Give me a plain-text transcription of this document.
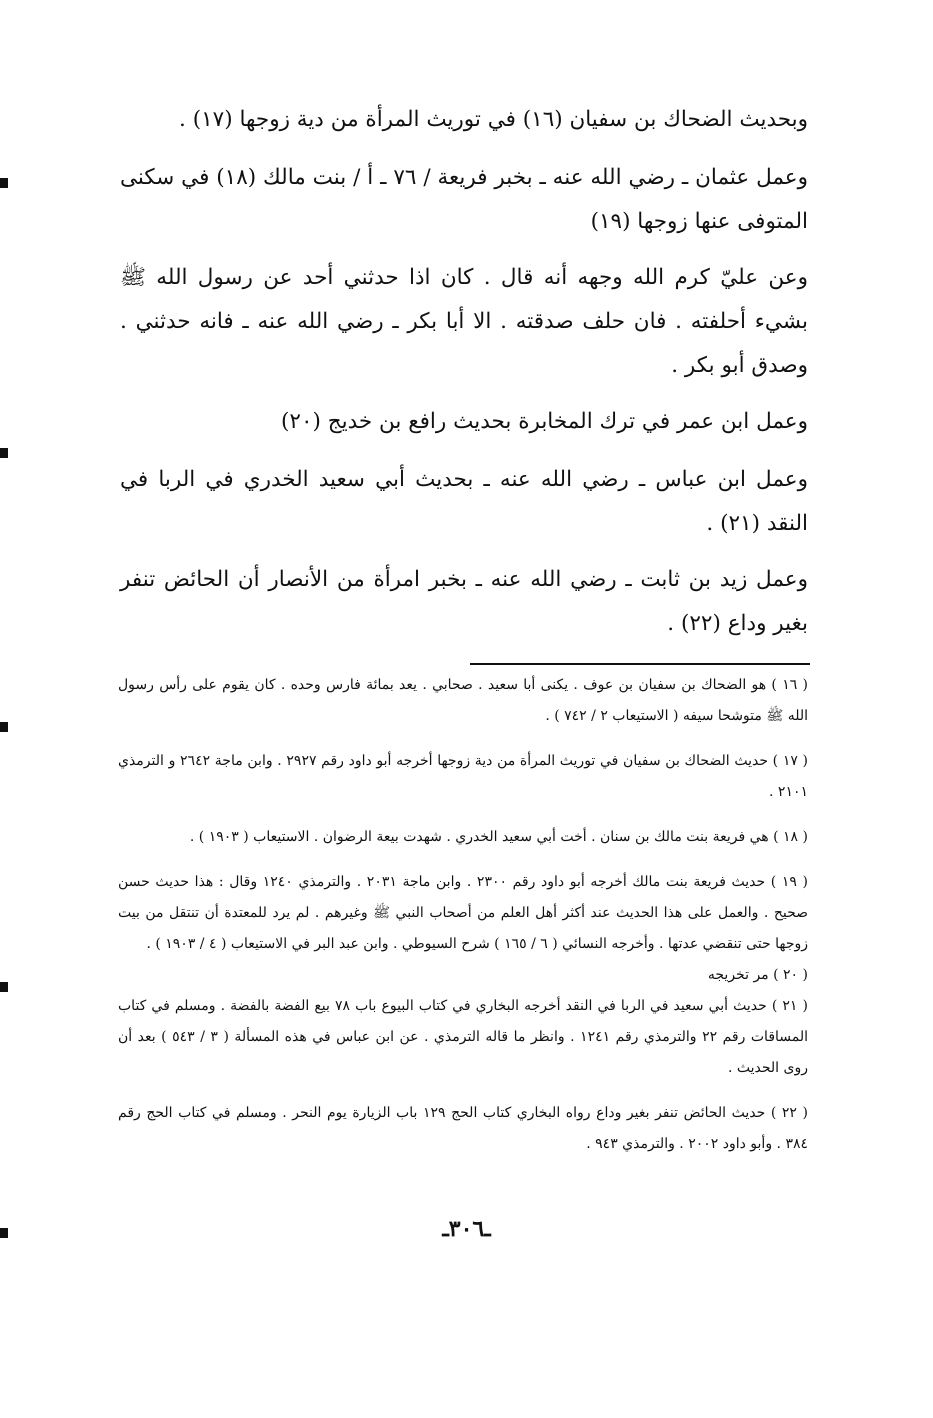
وبحديث الضحاك بن سفيان (١٦) في توريث المرأة من دية زوجها (١٧) .

وعمل عثمان ـ رضي الله عنه ـ بخبر فريعة / ٧٦ ـ أ / بنت مالك (١٨) في سكنى المتوفى عنها زوجها (١٩)

وعن عليّ كرم الله وجهه أنه قال . كان اذا حدثني أحد عن رسول الله ﷺ بشيء أحلفته . فان حلف صدقته . الا أبا بكر ـ رضي الله عنه ـ فانه حدثني . وصدق أبو بكر .

وعمل ابن عمر في ترك المخابرة بحديث رافع بن خديج (٢٠)

وعمل ابن عباس ـ رضي الله عنه ـ بحديث أبي سعيد الخدري في الربا في النقد (٢١) .

وعمل زيد بن ثابت ـ رضي الله عنه ـ بخبر امرأة من الأنصار أن الحائض تنفر بغير وداع (٢٢) .

( ١٦ ) هو الضحاك بن سفيان بن عوف . يكنى أبا سعيد . صحابي . يعد بمائة فارس وحده . كان يقوم على رأس رسول الله ﷺ متوشحا سيفه ( الاستيعاب ٢ / ٧٤٢ ) .

( ١٧ ) حديث الضحاك بن سفيان في توريث المرأة من دية زوجها أخرجه أبو داود رقم ٢٩٢٧ . وابن ماجة ٢٦٤٢ و الترمذي ٢١٠١ .

( ١٨ ) هي فريعة بنت مالك بن سنان . أخت أبي سعيد الخدري . شهدت بيعة الرضوان . الاستيعاب ( ١٩٠٣ ) .

( ١٩ ) حديث فريعة بنت مالك أخرجه أبو داود رقم ٢٣٠٠ . وابن ماجة ٢٠٣١ . والترمذي ١٢٤٠ وقال : هذا حديث حسن صحيح . والعمل على هذا الحديث عند أكثر أهل العلم من أصحاب النبي ﷺ وغيرهم . لم يرد للمعتدة أن تنتقل من بيت زوجها حتى تنقضي عدتها . وأخرجه النسائي ( ٦ / ١٦٥ ) شرح السيوطي . وابن عبد البر في الاستيعاب ( ٤ / ١٩٠٣ ) .

( ٢٠ ) مر تخريجه

( ٢١ ) حديث أبي سعيد في الربا في النقد أخرجه البخاري في كتاب البيوع باب ٧٨ بيع الفضة بالفضة . ومسلم في كتاب المساقات رقم ٢٢ والترمذي رقم ١٢٤١ . وانظر ما قاله الترمذي . عن ابن عباس في هذه المسألة ( ٣ / ٥٤٣ ) بعد أن روى الحديث .

( ٢٢ ) حديث الحائض تنفر بغير وداع رواه البخاري كتاب الحج ١٢٩ باب الزيارة يوم النحر . ومسلم في كتاب الحج رقم ٣٨٤ . وأبو داود ٢٠٠٢ . والترمذي ٩٤٣ .

ـ٣٠٦ـ
